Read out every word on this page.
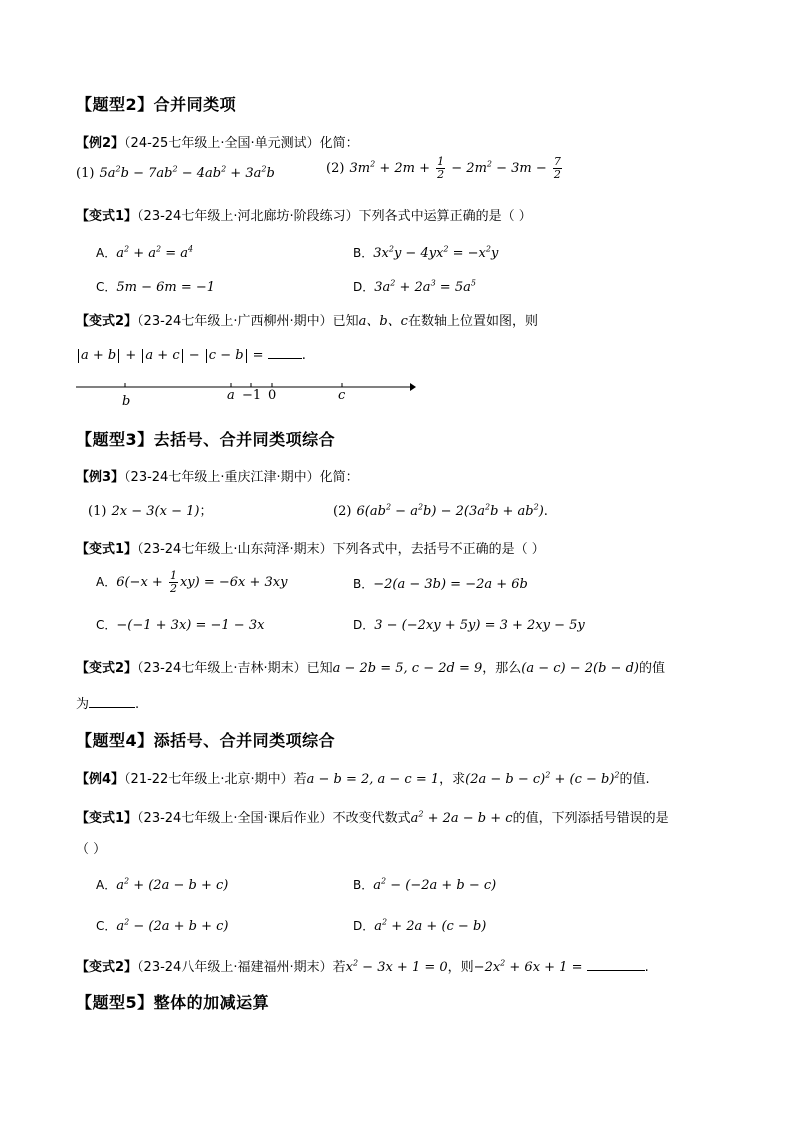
【题型2】合并同类项
【例2】（24-25七年级上·全国·单元测试）化简：
(1) $5a^2b - 7ab^2 - 4ab^2 + 3a^2b$	(2) $3m^2 + 2m + \frac{1}{2} - 2m^2 - 3m - \frac{7}{2}$
【变式1】（23-24七年级上·河北廊坊·阶段练习）下列各式中运算正确的是（ ）
A．$a^2 + a^2 = a^4$	B．$3x^2y - 4yx^2 = -x^2y$
C．5m − 6m = −1	D．$3a^2 + 2a^3 = 5a^5$
【变式2】（23-24七年级上·广西柳州·期中）已知a、b、c在数轴上位置如图，则
a + b + a + c − c − b =	.
b	a −1 0	c
【题型3】去括号、合并同类项综合
【例3】（23-24七年级上·重庆江津·期中）化简：
(1) 2x − 3(x − 1)；	(2) $6(ab^2 - a^2b) - 2(3a^2b + ab^2)$.
【变式1】（23-24七年级上·山东菏泽·期末）下列各式中，去括号不正确的是（ ）
A．$6(-x + \frac{1}{2} xy) = -6x + 3xy$	B．−2(a − 3b) = −2a + 6b
C．−(−1 + 3x) = −1 − 3x	D．3 − (−2xy + 5y) = 3 + 2xy − 5y
【变式2】（23-24七年级上·吉林·期末）已知a − 2b = 5, c − 2d = 9，那么(a − c) − 2(b − d)的值
为	.
【题型4】添括号、合并同类项综合
【例4】（21-22七年级上·北京·期中）若a − b = 2, a − c = 1，求$(2a - b - c)^2 + (c - b)^2$的值.
【变式1】（23-24七年级上·全国·课后作业）不改变代数式$a^2 + 2a - b + c$的值，下列添括号错误的是
（ ）
A．$a^2 + (2a - b + c)$	B．$a^2 - (-2a + b - c)$
C．$a^2 - (2a + b + c)$	D．$a^2 + 2a + (c - b)$
【变式2】（23-24八年级上·福建福州·期末）若$x^2 - 3x + 1 = 0$，则$-2x^2 + 6x + 1$ =	.
【题型5】整体的加减运算
